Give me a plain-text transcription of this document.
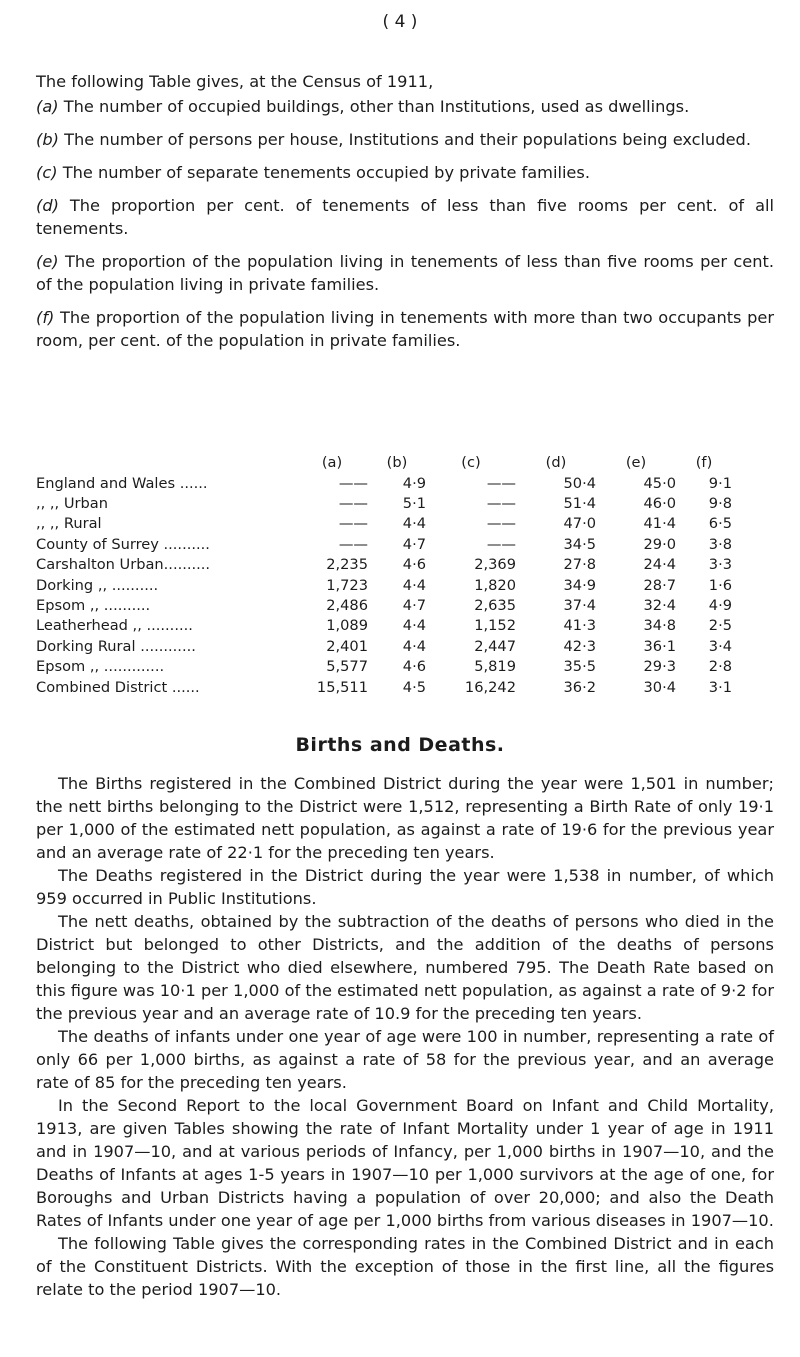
( 4 )

The following Table gives, at the Census of 1911,

(a) The number of occupied buildings, other than Institutions, used as dwellings.

(b) The number of persons per house, Institutions and their populations being excluded.

(c) The number of separate tenements occupied by private families.

(d) The proportion per cent. of tenements of less than five rooms per cent. of all tenements.

(e) The proportion of the population living in tenements of less than five rooms per cent. of the population living in private families.

(f) The proportion of the population living in tenements with more than two occupants per room, per cent. of the population in private families.

	(a)	(b)	(c)	(d)	(e)	(f)
England and Wales ......	——	4·9	——	50·4	45·0	9·1
,, ,, Urban	——	5·1	——	51·4	46·0	9·8
,, ,, Rural	——	4·4	——	47·0	41·4	6·5
County of Surrey ..........	——	4·7	——	34·5	29·0	3·8
Carshalton Urban..........	2,235	4·6	2,369	27·8	24·4	3·3
Dorking ,, ..........	1,723	4·4	1,820	34·9	28·7	1·6
Epsom ,, ..........	2,486	4·7	2,635	37·4	32·4	4·9
Leatherhead ,, ..........	1,089	4·4	1,152	41·3	34·8	2·5
Dorking Rural ............	2,401	4·4	2,447	42·3	36·1	3·4
Epsom ,, .............	5,577	4·6	5,819	35·5	29·3	2·8
Combined District ......	15,511	4·5	16,242	36·2	30·4	3·1
Births and Deaths.

The Births registered in the Combined District during the year were 1,501 in number; the nett births belonging to the District were 1,512, representing a Birth Rate of only 19·1 per 1,000 of the estimated nett population, as against a rate of 19·6 for the previous year and an average rate of 22·1 for the preceding ten years.

The Deaths registered in the District during the year were 1,538 in number, of which 959 occurred in Public Institutions.

The nett deaths, obtained by the subtraction of the deaths of persons who died in the District but belonged to other Districts, and the addition of the deaths of persons belonging to the District who died elsewhere, numbered 795. The Death Rate based on this figure was 10·1 per 1,000 of the estimated nett population, as against a rate of 9·2 for the previous year and an average rate of 10.9 for the preceding ten years.

The deaths of infants under one year of age were 100 in number, representing a rate of only 66 per 1,000 births, as against a rate of 58 for the previous year, and an average rate of 85 for the preceding ten years.

In the Second Report to the local Government Board on Infant and Child Mortality, 1913, are given Tables showing the rate of Infant Mortality under 1 year of age in 1911 and in 1907—10, and at various periods of Infancy, per 1,000 births in 1907—10, and the Deaths of Infants at ages 1-5 years in 1907—10 per 1,000 survivors at the age of one, for Boroughs and Urban Districts having a population of over 20,000; and also the Death Rates of Infants under one year of age per 1,000 births from various diseases in 1907—10.

The following Table gives the corresponding rates in the Combined District and in each of the Constituent Districts. With the exception of those in the first line, all the figures relate to the period 1907—10.
